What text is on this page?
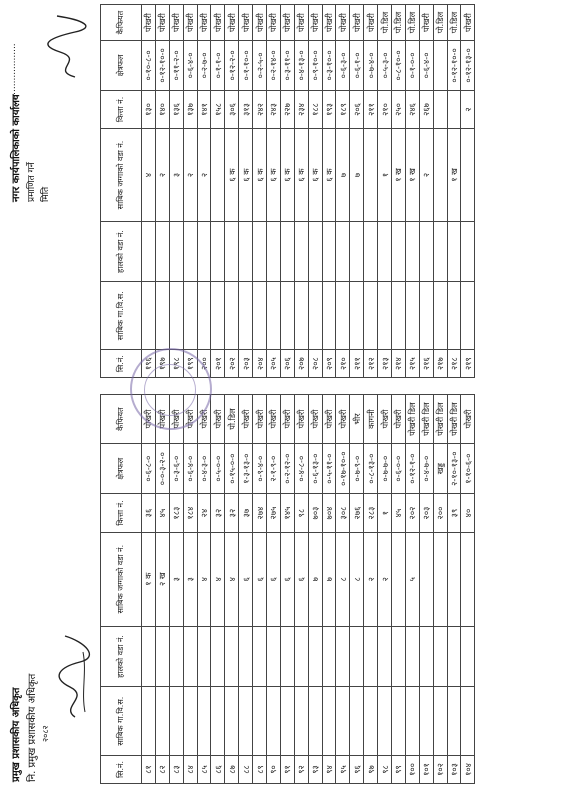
सि.नं.	साबिक गा.वि.स.	हालको वडा नं.	साबिक जग्गाको वडा नं.	कित्ता नं.	क्षेत्रफल	कैफियत
८१			१ क	३६	०-६-८-०	पोखरी
८२			२ ख	४५	०-०-३-२-०	पोखरी
८३			३	१८३	०-३-६-०	पोखरी
८४			३	१८४	०-६-४-०	पोखरी
८५			४	२४	०-४-३-०	पोखरी
८६			४	३२	०-५-०-०	पोखरी
८७			४	३२	०-१५-०-०	पो.डिल
८८			६	३७	१-३-१३-०	पोखरी
८९			६	२७४	०-९-४-०	पोखरी
९०			६	२७५	२-१-९-०	पोखरी
९१			६	१४५	०-२-१२-०	पोखरी
९२			६	९८	०-४-८-०	पोखरी
९३			७	७०३	०-६-१३-०	पोखरी
९४			७	७०४	०-५-११-०	पोखरी
९५			८	३०८	०-१७-१०-०	पोखरी
९६			८	२७६	०-७-९-०	भीर
९७			२	२८३	०-८-१३-०	कागनी
९८			२	१	०-७-७-०	पोखरी
९९				४५	०-६-०-०	पोखरी
१००			५	२०२	०-१२-१-०	पोखरी डिल
१०१				२०३	०-४-७-०	पोखरी डिल
१०२				२००	खड्ड	पोखरी डिल
१०३				३९	२-१०-१३-०	पोखरी डिल
१०४				४०	१-१०-६-०	पोखरी
सि.नं.	साबिक गा.वि.स.	हालको वडा नं.	साबिक जग्गाको वडा नं.	कित्ता नं.	क्षेत्रफल	कैफियत
१९६			४	१३०	०-१०-८-०	पोखरी
१९७			२	१४०	०-१२-१०-०	पोखरी
१९८			३	१३६	०-११-२-०	पोखरी
१९९			२	१३७	०-६-४-०	पोखरी
२००			२	१४१	०-२-७-०	पोखरी
२०१				१५८	०-१-१-०	पोखरी
२०२			६ क	३०६	०-१२-२-०	पोखरी
२०३			६ क	३१३	०-१-१०-०	पोखरी
२०४			६ क	२४२	०-२-५-०	पोखरी
२०५			६ क	२४३	०-२-१४-०	पोखरी
२०६			६ क	२२७	०-३-११-०	पोखरी
२०७			६ क	२३४	०-४-१३-०	पोखरी
२०८			६ क	१८८	०-९-१०-०	पोखरी
२०९			६ क	१९३	०-३-१०-०	पोखरी
२१०			७	१८९	०-६-३-०	पोखरी
२११			७	२०६	०-६-१-०	पोखरी
२१२				२११	०-७-४-०	पोखरी
२१३			१	२१०	०-५-३-०	पो.डिल
२१४			१ ख	२५०	०-८-१०-०	पो.डिल
२१५			१ ख	२४६	०-१-०-०	पो.डिल
२१६			२	२६७	०-६-४-०	पोखरी
२१७						पो.डिल
२१८			१ ख		०-१२-१०-०	पो.डिल
२१९				२	०-१२-१३-०	पोखरी
प्रमुख प्रशासकीय अधिकृत नि. प्रमुख प्रशासकीय अधिकृत २०८२
नगर कार्यपालिकाको कार्यालय प्रमाणित गर्ने मिति
........................
